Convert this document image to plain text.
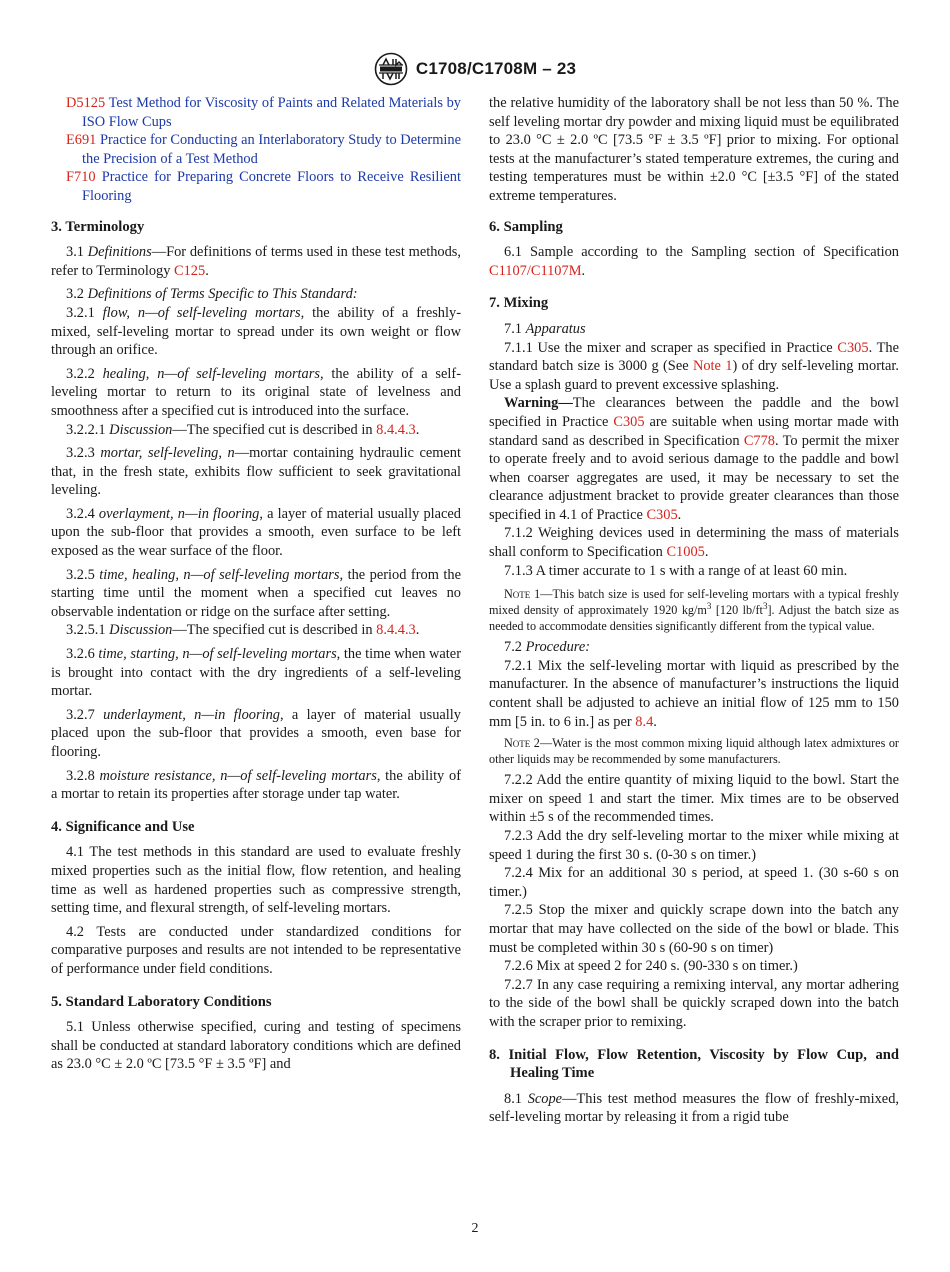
C1708/C1708M – 23

D5125 Test Method for Viscosity of Paints and Related Materials by ISO Flow Cups

E691 Practice for Conducting an Interlaboratory Study to Determine the Precision of a Test Method

F710 Practice for Preparing Concrete Floors to Receive Resilient Flooring

3. Terminology

3.1 Definitions—For definitions of terms used in these test methods, refer to Terminology C125.

3.2 Definitions of Terms Specific to This Standard:

3.2.1 flow, n—of self-leveling mortars, the ability of a freshly-mixed, self-leveling mortar to spread under its own weight or flow through an orifice.

3.2.2 healing, n—of self-leveling mortars, the ability of a self-leveling mortar to return to its original state of levelness and smoothness after a specified cut is introduced into the surface.

3.2.2.1 Discussion—The specified cut is described in 8.4.4.3.

3.2.3 mortar, self-leveling, n—mortar containing hydraulic cement that, in the fresh state, exhibits flow sufficient to seek gravitational leveling.

3.2.4 overlayment, n—in flooring, a layer of material usually placed upon the sub-floor that provides a smooth, even surface to be left exposed as the wear surface of the floor.

3.2.5 time, healing, n—of self-leveling mortars, the period from the starting time until the moment when a specified cut leaves no observable indentation or ridge on the surface after setting.

3.2.5.1 Discussion—The specified cut is described in 8.4.4.3.

3.2.6 time, starting, n—of self-leveling mortars, the time when water is brought into contact with the dry ingredients of a self-leveling mortar.

3.2.7 underlayment, n—in flooring, a layer of material usually placed upon the sub-floor that provides a smooth, even base for flooring.

3.2.8 moisture resistance, n—of self-leveling mortars, the ability of a mortar to retain its properties after storage under tap water.

4. Significance and Use

4.1 The test methods in this standard are used to evaluate freshly mixed properties such as the initial flow, flow retention, and healing time as well as hardened properties such as compressive strength, setting time, and flexural strength, of self-leveling mortars.

4.2 Tests are conducted under standardized conditions for comparative purposes and results are not intended to be representative of performance under field conditions.

5. Standard Laboratory Conditions

5.1 Unless otherwise specified, curing and testing of specimens shall be conducted at standard laboratory conditions which are defined as 23.0 °C ± 2.0 ºC [73.5 °F ± 3.5 ºF] and

the relative humidity of the laboratory shall be not less than 50 %. The self leveling mortar dry powder and mixing liquid must be equilibrated to 23.0 °C ± 2.0 ºC [73.5 °F ± 3.5 ºF] prior to mixing. For optional tests at the manufacturer’s stated temperature extremes, the curing and testing temperatures must be within ±2.0 °C [±3.5 °F] of the stated extreme temperatures.

6. Sampling

6.1 Sample according to the Sampling section of Specification C1107/C1107M.

7. Mixing

7.1 Apparatus

7.1.1 Use the mixer and scraper as specified in Practice C305. The standard batch size is 3000 g (See Note 1) of dry self-leveling mortar. Use a splash guard to prevent excessive splashing.

Warning—The clearances between the paddle and the bowl specified in Practice C305 are suitable when using mortar made with standard sand as described in Specification C778. To permit the mixer to operate freely and to avoid serious damage to the paddle and bowl when coarser aggregates are used, it may be necessary to set the clearance adjustment bracket to provide greater clearances than those specified in 4.1 of Practice C305.

7.1.2 Weighing devices used in determining the mass of materials shall conform to Specification C1005.

7.1.3 A timer accurate to 1 s with a range of at least 60 min.

Note 1—This batch size is used for self-leveling mortars with a typical freshly mixed density of approximately 1920 $kg/m^3$ [120 $lb/ft^3$]. Adjust the batch size as needed to accommodate densities significantly different from the typical value.

7.2 Procedure:

7.2.1 Mix the self-leveling mortar with liquid as prescribed by the manufacturer. In the absence of manufacturer’s instructions the liquid content shall be adjusted to achieve an initial flow of 125 mm to 150 mm [5 in. to 6 in.] as per 8.4.

Note 2—Water is the most common mixing liquid although latex admixtures or other liquids may be recommended by some manufacturers.

7.2.2 Add the entire quantity of mixing liquid to the bowl. Start the mixer on speed 1 and start the timer. Mix times are to be observed within ±5 s of the recommended times.

7.2.3 Add the dry self-leveling mortar to the mixer while mixing at speed 1 during the first 30 s. (0-30 s on timer.)

7.2.4 Mix for an additional 30 s period, at speed 1. (30 s-60 s on timer.)

7.2.5 Stop the mixer and quickly scrape down into the batch any mortar that may have collected on the side of the bowl or blade. This must be completed within 30 s (60-90 s on timer)

7.2.6 Mix at speed 2 for 240 s. (90-330 s on timer.)

7.2.7 In any case requiring a remixing interval, any mortar adhering to the side of the bowl shall be quickly scraped down into the batch with the scraper prior to remixing.

8. Initial Flow, Flow Retention, Viscosity by Flow Cup, and Healing Time

8.1 Scope—This test method measures the flow of freshly-mixed, self-leveling mortar by releasing it from a rigid tube

2
